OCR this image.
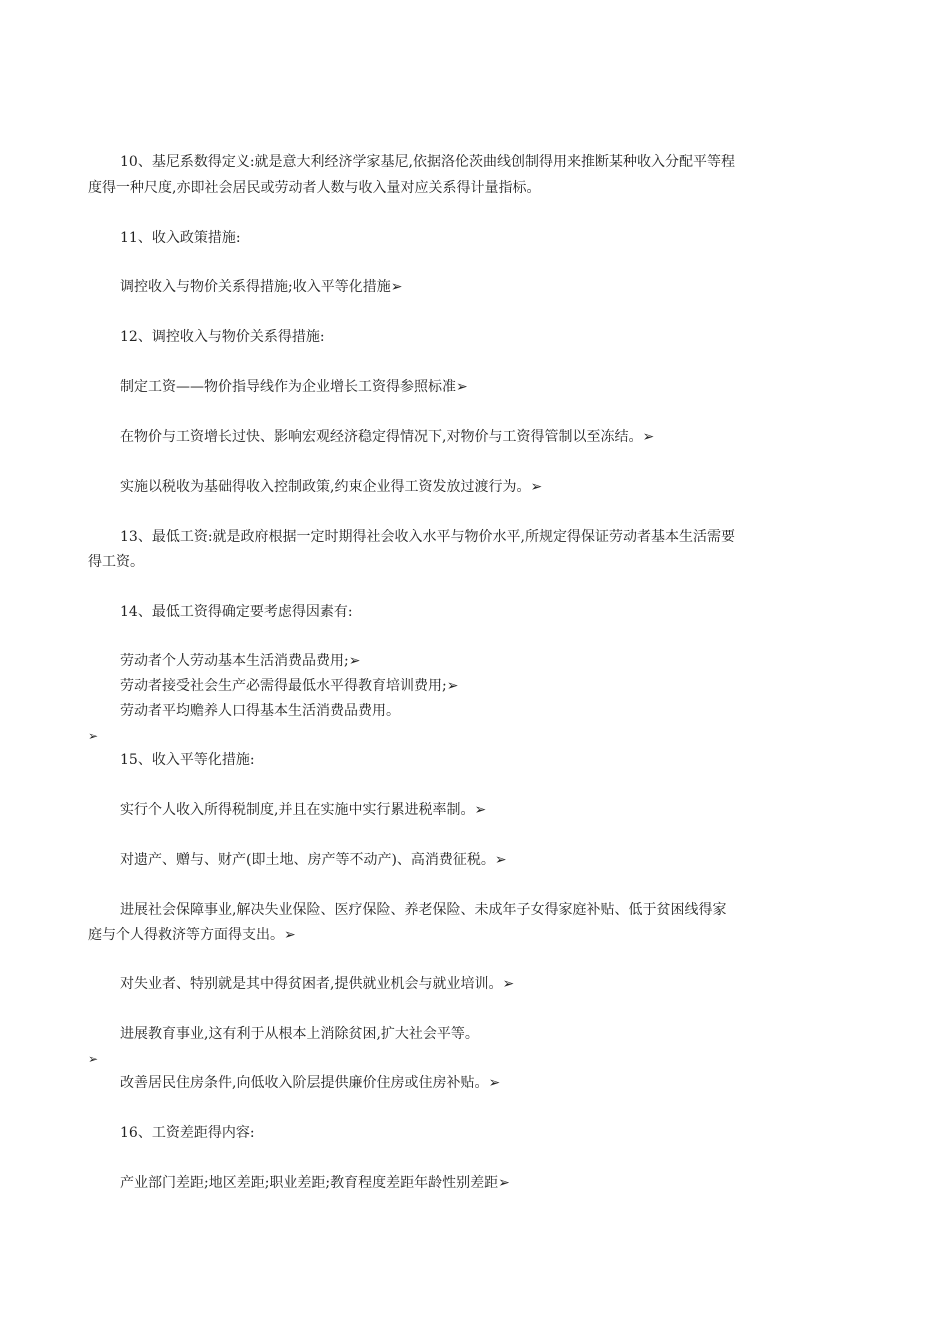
10、基尼系数得定义:就是意大利经济学家基尼,依据洛伦茨曲线创制得用来推断某种收入分配平等程
度得一种尺度,亦即社会居民或劳动者人数与收入量对应关系得计量指标。
11、收入政策措施:
调控收入与物价关系得措施;收入平等化措施➢
12、调控收入与物价关系得措施:
制定工资——物价指导线作为企业增长工资得参照标准➢
在物价与工资增长过快、影响宏观经济稳定得情况下,对物价与工资得管制以至冻结。➢
实施以税收为基础得收入控制政策,约束企业得工资发放过渡行为。➢
13、最低工资:就是政府根据一定时期得社会收入水平与物价水平,所规定得保证劳动者基本生活需要
得工资。
14、最低工资得确定要考虑得因素有:
劳动者个人劳动基本生活消费品费用;➢
劳动者接受社会生产必需得最低水平得教育培训费用;➢
劳动者平均赡养人口得基本生活消费品费用。
➢
15、收入平等化措施:
实行个人收入所得税制度,并且在实施中实行累进税率制。➢
对遗产、赠与、财产(即土地、房产等不动产)、高消费征税。➢
进展社会保障事业,解决失业保险、医疗保险、养老保险、未成年子女得家庭补贴、低于贫困线得家
庭与个人得救济等方面得支出。➢
对失业者、特别就是其中得贫困者,提供就业机会与就业培训。➢
进展教育事业,这有利于从根本上消除贫困,扩大社会平等。
➢
改善居民住房条件,向低收入阶层提供廉价住房或住房补贴。➢
16、工资差距得内容:
产业部门差距;地区差距;职业差距;教育程度差距年龄性别差距➢
